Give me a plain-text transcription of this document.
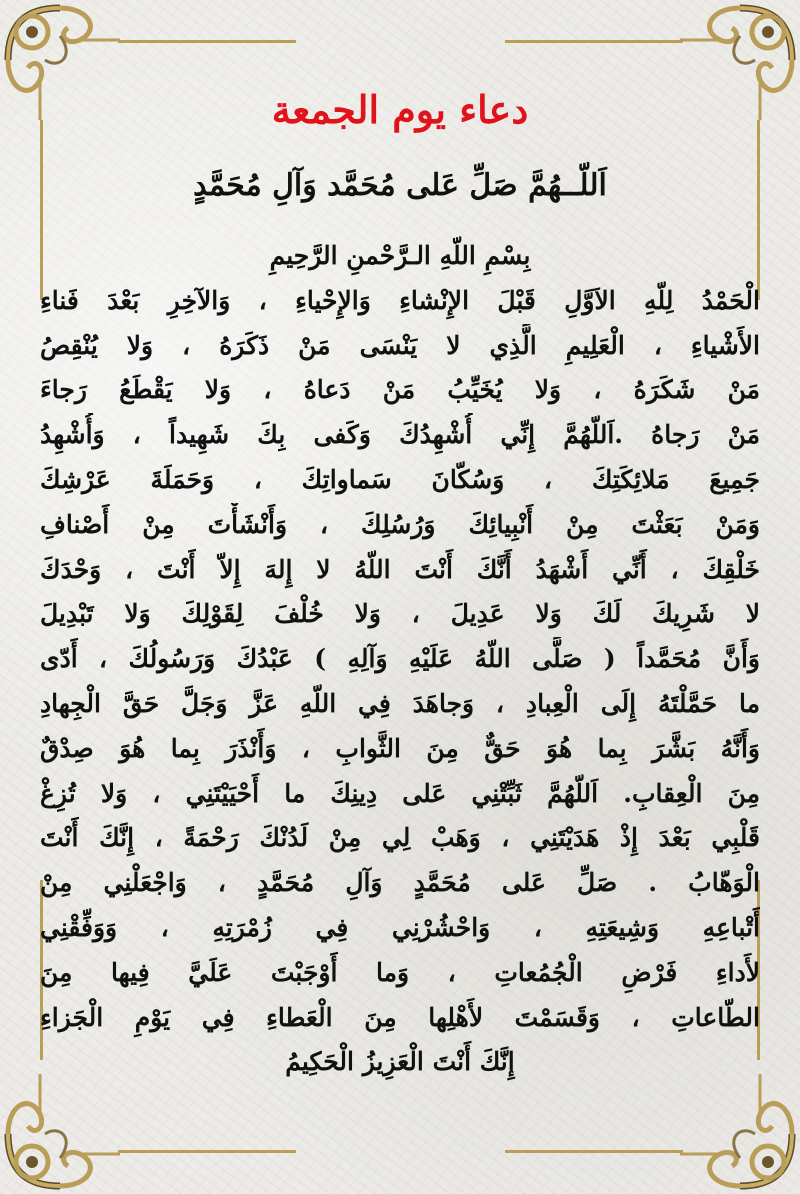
دعاء يوم الجمعة
اَللّــهُمَّ صَلِّ عَلى مُحَمَّد وَآلِ مُحَمَّدٍ
بِسْمِ اللّهِ الـرَّحْمنِ الرَّحِيمِ
الْحَمْدُ لِلّهِ الاَوَّلِ قَبْلَ الإِنْشاءِ وَالإِحْياءِ ، وَالآخِرِ بَعْدَ فَناءِ
الأَشْياءِ ، الْعَلِيمِ الَّذِي لا يَنْسَى مَنْ ذَكَرَهُ ، وَلا يُنْقِصُ
مَنْ شَكَرَهُ ، وَلا يُخَيِّبُ مَنْ دَعاهُ ، وَلا يَقْطَعُ رَجاءَ
مَنْ رَجاهُ .اَللّهُمَّ إِنِّي أُشْهِدُكَ وَكَفى بِكَ شَهِيداً ، وَأُشْهِدُ
جَمِيعَ مَلائِكَتِكَ ، وَسُكّانَ سَماواتِكَ ، وَحَمَلَةَ عَرْشِكَ
وَمَنْ بَعَثْتَ مِنْ أَنْبِيائِكَ وَرُسُلِكَ ، وَأَنْشَأْتَ مِنْ أَصْنافِ
خَلْقِكَ ، أَنِّي أَشْهَدُ أَنَّكَ أَنْتَ اللّهُ لا إِلهَ إِلاّ أَنْتَ ، وَحْدَكَ
لا شَرِيكَ لَكَ وَلا عَدِيلَ ، وَلا خُلْفَ لِقَوْلِكَ وَلا تَبْدِيلَ
وَأَنَّ مُحَمَّداً ( صَلَّى اللّهُ عَلَيْهِ وَآلِهِ ) عَبْدُكَ وَرَسُولُكَ ، أَدّى
ما حَمَّلْتَهُ إِلَى الْعِبادِ ، وَجاهَدَ فِي اللّهِ عَزَّ وَجَلَّ حَقَّ الْجِهادِ
وَأَنَّهُ بَشَّرَ بِما هُوَ حَقٌّ مِنَ الثَّوابِ ، وَأَنْذَرَ بِما هُوَ صِدْقٌ
مِنَ الْعِقابِ. اَللّهُمَّ ثَبِّتْنِي عَلى دِينِكَ ما أَحْيَيْتَنِي ، وَلا تُزِغْ
قَلْبِي بَعْدَ إِذْ هَدَيْتَنِي ، وَهَبْ لِي مِنْ لَدُنْكَ رَحْمَةً ، إِنَّكَ أَنْتَ
الْوَهّابُ . صَلِّ عَلى مُحَمَّدٍ وَآلِ مُحَمَّدٍ ، وَاجْعَلْنِي مِنْ
أَتْباعِهِ وَشِيعَتِهِ ، وَاحْشُرْنِي فِي زُمْرَتِهِ ، وَوَفِّقْنِي
لأَداءِ فَرْضِ الْجُمُعاتِ ، وَما أَوْجَبْتَ عَلَيَّ فِيها مِنَ
الطّاعاتِ ، وَقَسَمْتَ لأَهْلِها مِنَ الْعَطاءِ فِي يَوْمِ الْجَزاءِ
إِنَّكَ أَنْتَ الْعَزِيزُ الْحَكِيمُ
